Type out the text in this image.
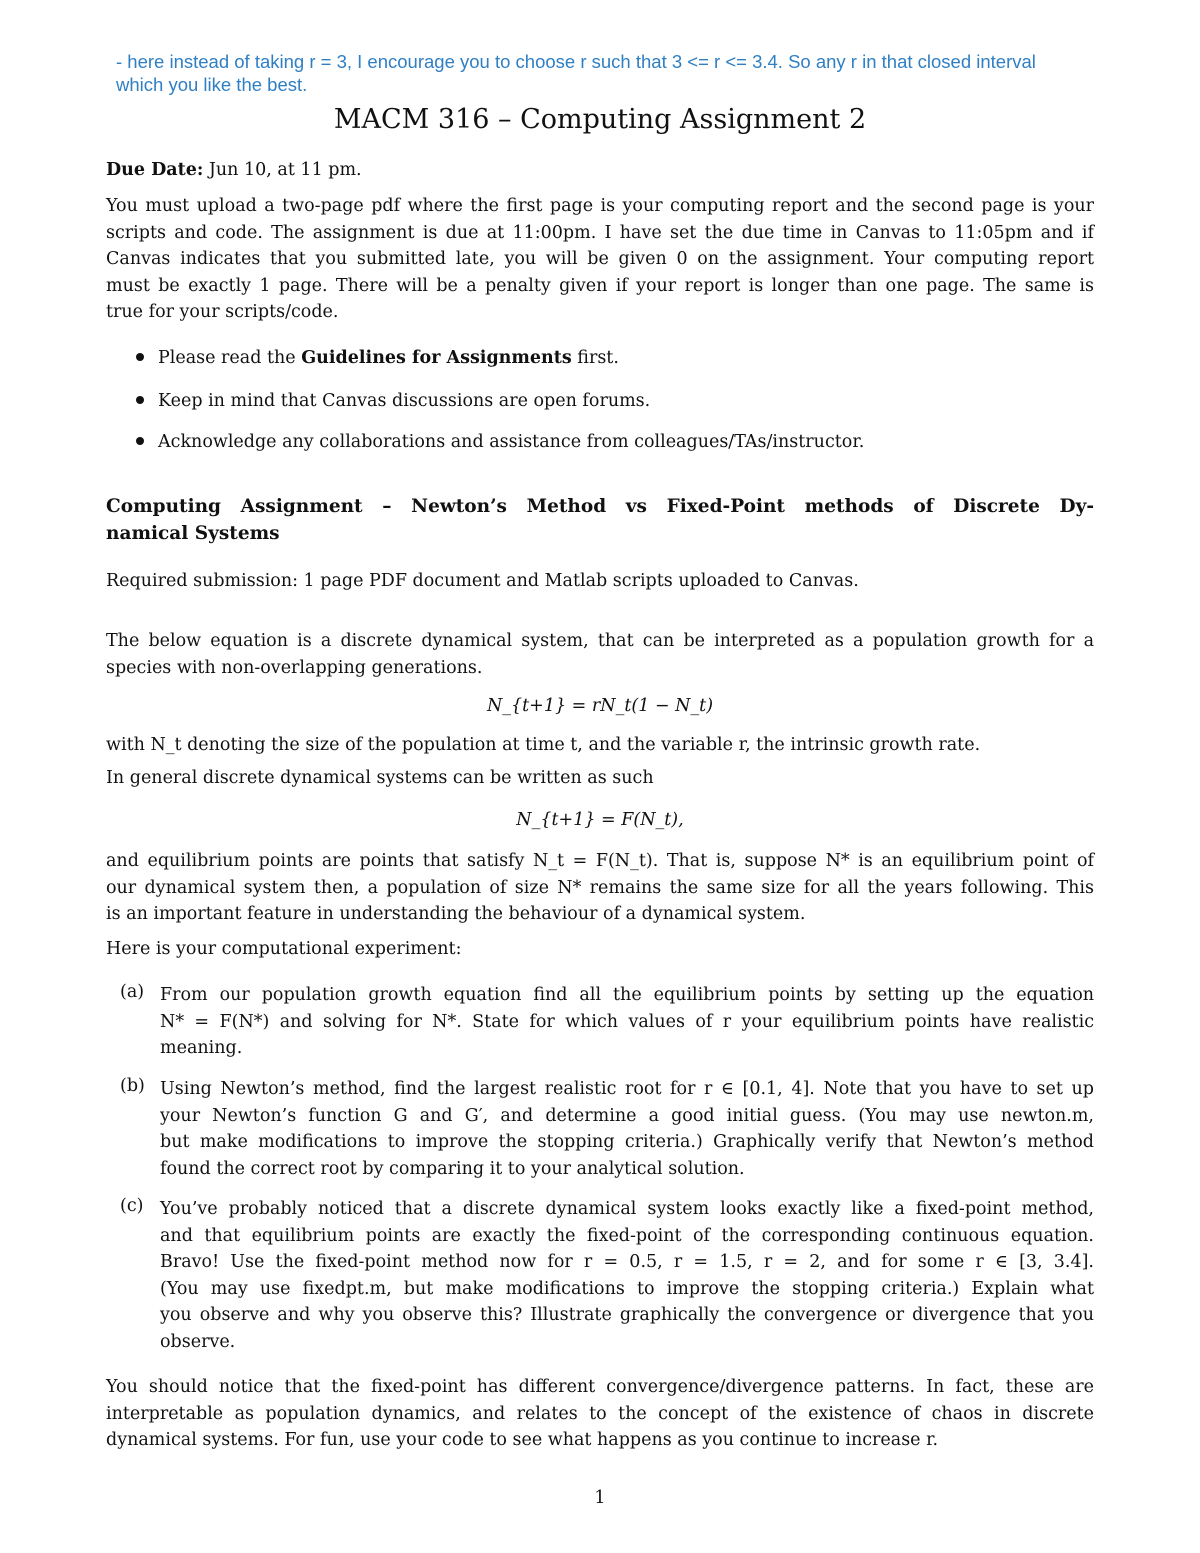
- here instead of taking r = 3, I encourage you to choose r such that 3 <= r <= 3.4. So any r in that closed interval
which you like the best.
MACM 316 – Computing Assignment 2
Due Date: Jun 10, at 11 pm.
You must upload a two-page pdf where the first page is your computing report and the second page is your
scripts and code. The assignment is due at 11:00pm. I have set the due time in Canvas to 11:05pm and if
Canvas indicates that you submitted late, you will be given 0 on the assignment. Your computing report
must be exactly 1 page. There will be a penalty given if your report is longer than one page. The same is
true for your scripts/code.
Please read the Guidelines for Assignments first.
Keep in mind that Canvas discussions are open forums.
Acknowledge any collaborations and assistance from colleagues/TAs/instructor.
Computing Assignment – Newton’s Method vs Fixed-Point methods of Discrete Dy-
namical Systems
Required submission: 1 page PDF document and Matlab scripts uploaded to Canvas.
The below equation is a discrete dynamical system, that can be interpreted as a population growth for a
species with non-overlapping generations.
N_{t+1} = rN_t(1 − N_t)
with N_t denoting the size of the population at time t, and the variable r, the intrinsic growth rate.
In general discrete dynamical systems can be written as such
N_{t+1} = F(N_t),
and equilibrium points are points that satisfy N_t = F(N_t). That is, suppose N* is an equilibrium point of
our dynamical system then, a population of size N* remains the same size for all the years following. This
is an important feature in understanding the behaviour of a dynamical system.
Here is your computational experiment:
(a) From our population growth equation find all the equilibrium points by setting up the equation
N* = F(N*) and solving for N*. State for which values of r your equilibrium points have realistic
meaning.
(b) Using Newton’s method, find the largest realistic root for r ∈ [0.1, 4]. Note that you have to set up
your Newton’s function G and G′, and determine a good initial guess. (You may use newton.m,
but make modifications to improve the stopping criteria.) Graphically verify that Newton’s method
found the correct root by comparing it to your analytical solution.
(c) You’ve probably noticed that a discrete dynamical system looks exactly like a fixed-point method,
and that equilibrium points are exactly the fixed-point of the corresponding continuous equation.
Bravo! Use the fixed-point method now for r = 0.5, r = 1.5, r = 2, and for some r ∈ [3, 3.4].
(You may use fixedpt.m, but make modifications to improve the stopping criteria.) Explain what
you observe and why you observe this? Illustrate graphically the convergence or divergence that you
observe.
You should notice that the fixed-point has different convergence/divergence patterns. In fact, these are
interpretable as population dynamics, and relates to the concept of the existence of chaos in discrete
dynamical systems. For fun, use your code to see what happens as you continue to increase r.
1
